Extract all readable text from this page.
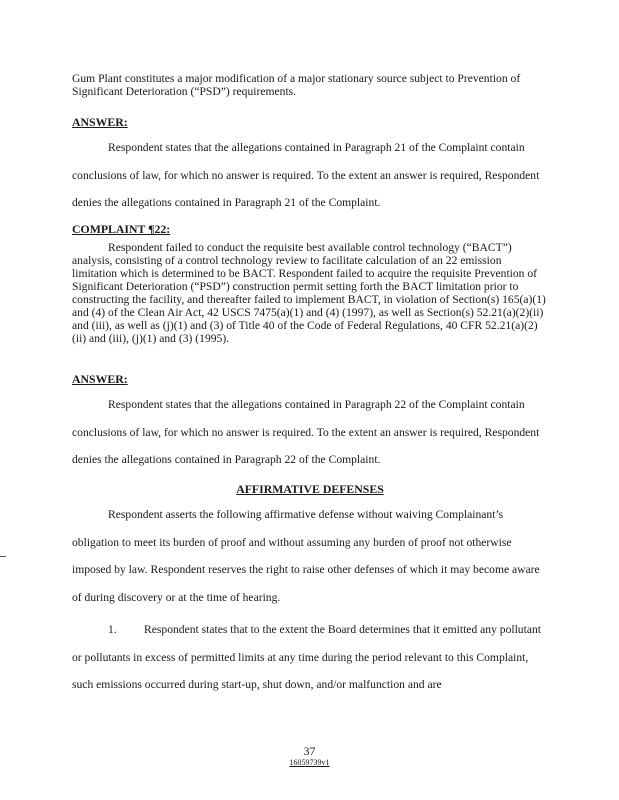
Gum Plant constitutes a major modification of a major stationary source subject to Prevention of Significant Deterioration (“PSD”) requirements.

ANSWER:

Respondent states that the allegations contained in Paragraph 21 of the Complaint contain conclusions of law, for which no answer is required. To the extent an answer is required, Respondent denies the allegations contained in Paragraph 21 of the Complaint.

COMPLAINT ¶22:

Respondent failed to conduct the requisite best available control technology (“BACT”) analysis, consisting of a control technology review to facilitate calculation of an 22 emission limitation which is determined to be BACT. Respondent failed to acquire the requisite Prevention of Significant Deterioration (“PSD”) construction permit setting forth the BACT limitation prior to constructing the facility, and thereafter failed to implement BACT, in violation of Section(s) 165(a)(1) and (4) of the Clean Air Act, 42 USCS 7475(a)(1) and (4) (1997), as well as Section(s) 52.21(a)(2)(ii) and (iii), as well as (j)(1) and (3) of Title 40 of the Code of Federal Regulations, 40 CFR 52.21(a)(2)(ii) and (iii), (j)(1) and (3) (1995).

ANSWER:

Respondent states that the allegations contained in Paragraph 22 of the Complaint contain conclusions of law, for which no answer is required. To the extent an answer is required, Respondent denies the allegations contained in Paragraph 22 of the Complaint.

AFFIRMATIVE DEFENSES

Respondent asserts the following affirmative defense without waiving Complainant’s obligation to meet its burden of proof and without assuming any burden of proof not otherwise imposed by law. Respondent reserves the right to raise other defenses of which it may become aware of during discovery or at the time of hearing.

1. Respondent states that to the extent the Board determines that it emitted any pollutant or pollutants in excess of permitted limits at any time during the period relevant to this Complaint, such emissions occurred during start-up, shut down, and/or malfunction and are

37
16059739v1
